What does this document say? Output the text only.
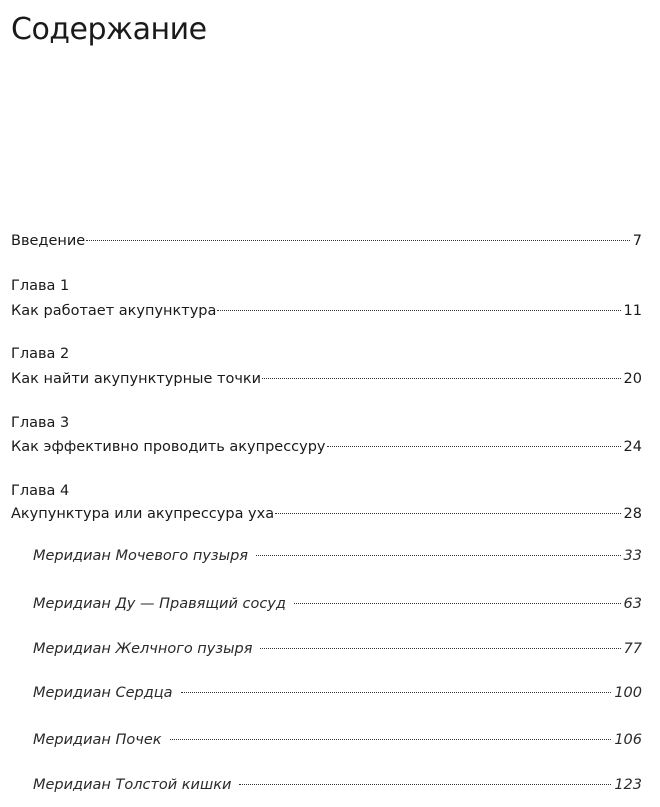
Содержание
Введение	7
Глава 1
Как работает акупунктура	11
Глава 2
Как найти акупунктурные точки	20
Глава 3
Как эффективно проводить акупрессуру	24
Глава 4
Акупунктура или акупрессура уха	28
Меридиан Мочевого пузыря	33
Меридиан Ду — Правящий сосуд	63
Меридиан Желчного пузыря	77
Меридиан Сердца	100
Меридиан Почек	106
Меридиан Толстой кишки	123
